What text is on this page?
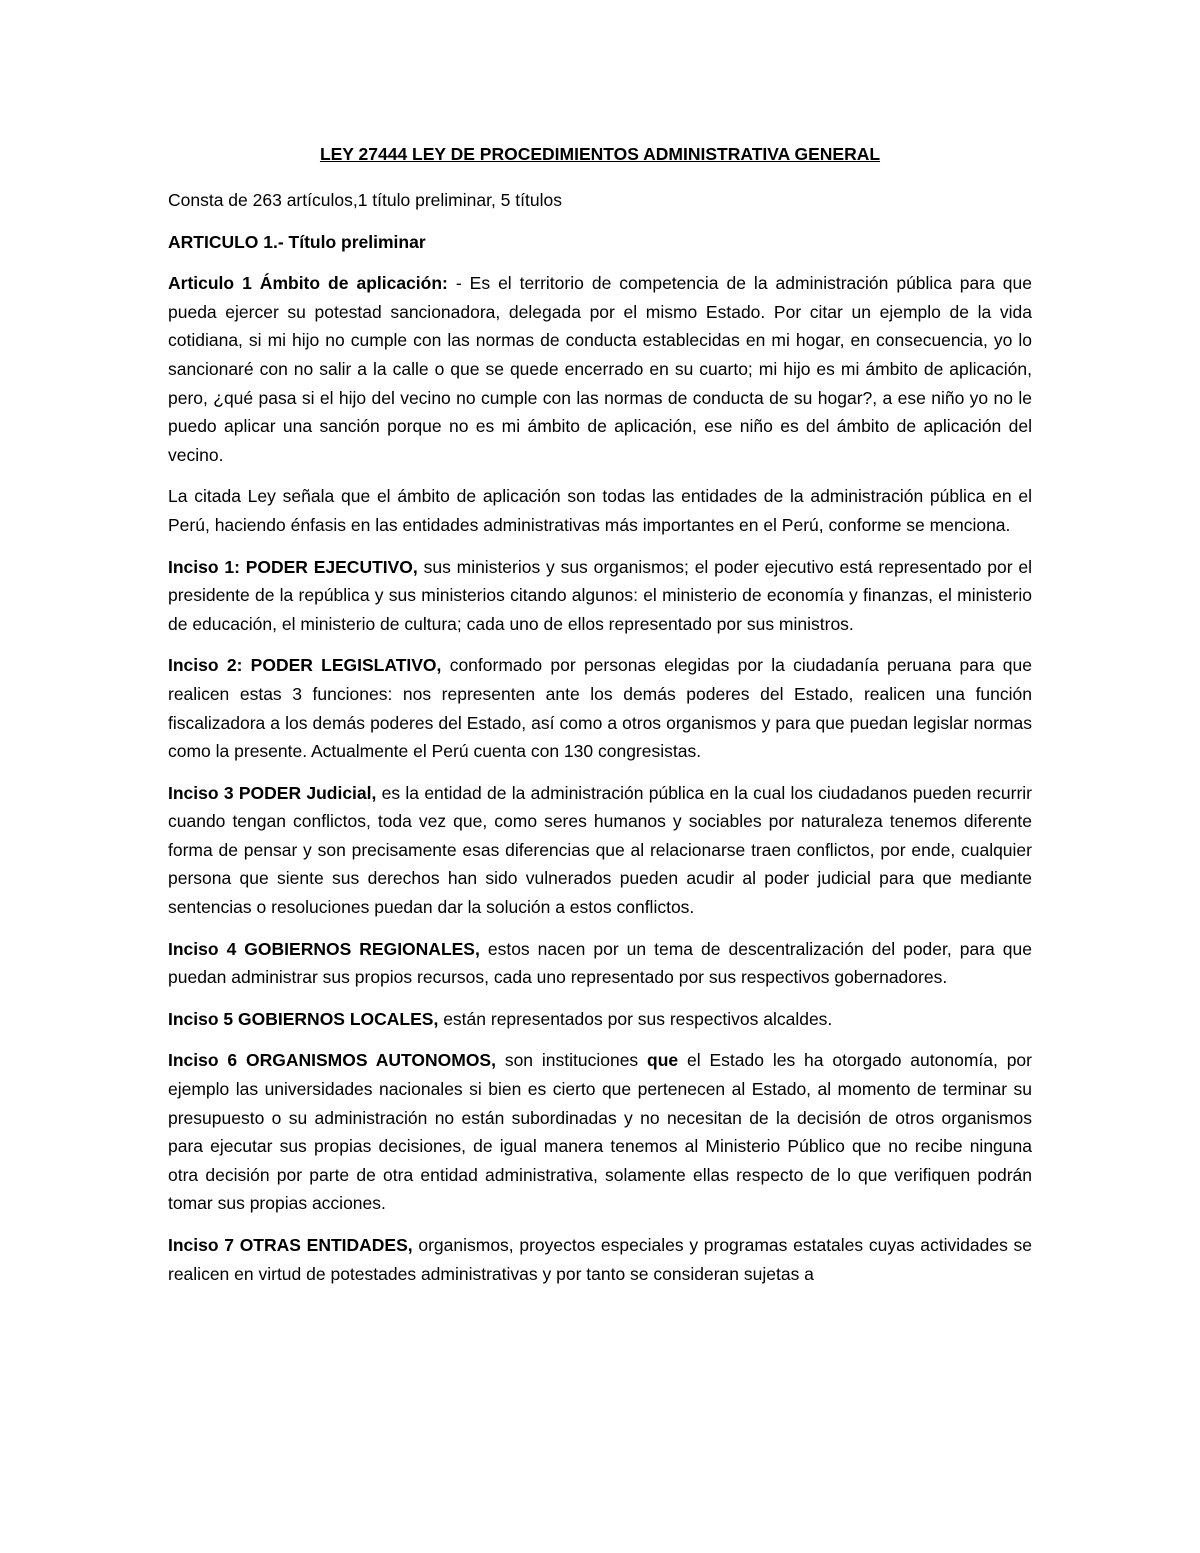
LEY 27444 LEY DE PROCEDIMIENTOS ADMINISTRATIVA GENERAL

Consta de 263 artículos,1 título preliminar, 5 títulos

ARTICULO 1.- Título preliminar

Articulo 1 Ámbito de aplicación: - Es el territorio de competencia de la administración pública para que pueda ejercer su potestad sancionadora, delegada por el mismo Estado. Por citar un ejemplo de la vida cotidiana, si mi hijo no cumple con las normas de conducta establecidas en mi hogar, en consecuencia, yo lo sancionaré con no salir a la calle o que se quede encerrado en su cuarto; mi hijo es mi ámbito de aplicación, pero, ¿qué pasa si el hijo del vecino no cumple con las normas de conducta de su hogar?, a ese niño yo no le puedo aplicar una sanción porque no es mi ámbito de aplicación, ese niño es del ámbito de aplicación del vecino.

La citada Ley señala que el ámbito de aplicación son todas las entidades de la administración pública en el Perú, haciendo énfasis en las entidades administrativas más importantes en el Perú, conforme se menciona.

Inciso 1: PODER EJECUTIVO, sus ministerios y sus organismos; el poder ejecutivo está representado por el presidente de la república y sus ministerios citando algunos: el ministerio de economía y finanzas, el ministerio de educación, el ministerio de cultura; cada uno de ellos representado por sus ministros.

Inciso 2: PODER LEGISLATIVO, conformado por personas elegidas por la ciudadanía peruana para que realicen estas 3 funciones: nos representen ante los demás poderes del Estado, realicen una función fiscalizadora a los demás poderes del Estado, así como a otros organismos y para que puedan legislar normas como la presente. Actualmente el Perú cuenta con 130 congresistas.

Inciso 3 PODER Judicial, es la entidad de la administración pública en la cual los ciudadanos pueden recurrir cuando tengan conflictos, toda vez que, como seres humanos y sociables por naturaleza tenemos diferente forma de pensar y son precisamente esas diferencias que al relacionarse traen conflictos, por ende, cualquier persona que siente sus derechos han sido vulnerados pueden acudir al poder judicial para que mediante sentencias o resoluciones puedan dar la solución a estos conflictos.

Inciso 4 GOBIERNOS REGIONALES, estos nacen por un tema de descentralización del poder, para que puedan administrar sus propios recursos, cada uno representado por sus respectivos gobernadores.

Inciso 5 GOBIERNOS LOCALES, están representados por sus respectivos alcaldes.

Inciso 6 ORGANISMOS AUTONOMOS, son instituciones que el Estado les ha otorgado autonomía, por ejemplo las universidades nacionales si bien es cierto que pertenecen al Estado, al momento de terminar su presupuesto o su administración no están subordinadas y no necesitan de la decisión de otros organismos para ejecutar sus propias decisiones, de igual manera tenemos al Ministerio Público que no recibe ninguna otra decisión por parte de otra entidad administrativa, solamente ellas respecto de lo que verifiquen podrán tomar sus propias acciones.

Inciso 7 OTRAS ENTIDADES, organismos, proyectos especiales y programas estatales cuyas actividades se realicen en virtud de potestades administrativas y por tanto se consideran sujetas a
